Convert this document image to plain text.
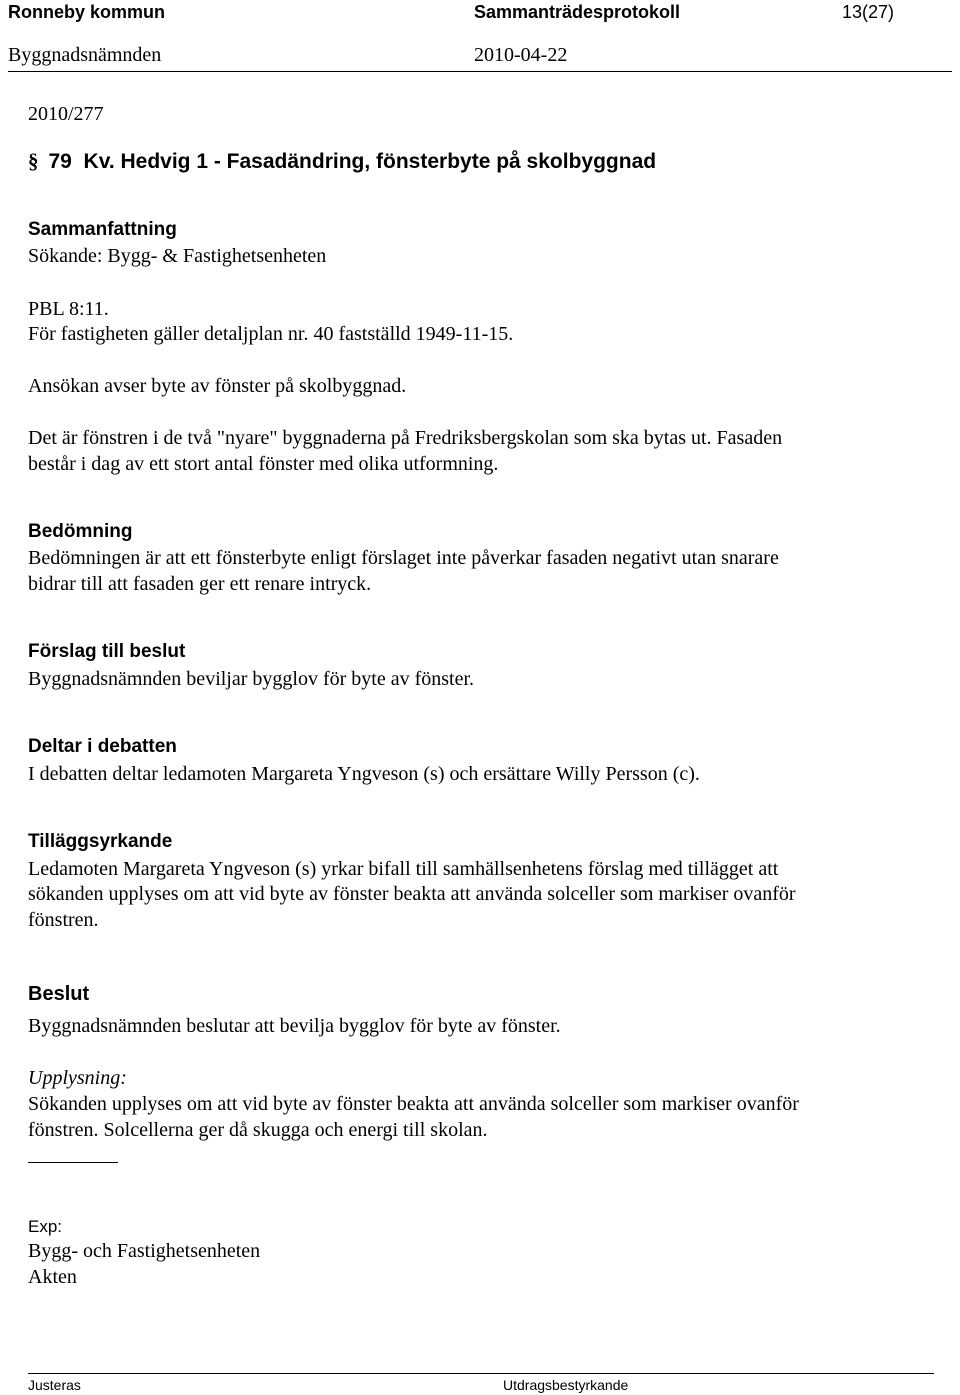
Ronneby kommun	Sammanträdesprotokoll	13(27)
Byggnadsnämnden	2010-04-22
2010/277
§ 79 Kv. Hedvig 1 - Fasadändring, fönsterbyte på skolbyggnad
Sammanfattning
Sökande: Bygg- & Fastighetsenheten
PBL 8:11.
För fastigheten gäller detaljplan nr. 40 fastställd 1949-11-15.
Ansökan avser byte av fönster på skolbyggnad.
Det är fönstren i de två "nyare" byggnaderna på Fredriksbergskolan som ska bytas ut. Fasaden
består i dag av ett stort antal fönster med olika utformning.
Bedömning
Bedömningen är att ett fönsterbyte enligt förslaget inte påverkar fasaden negativt utan snarare
bidrar till att fasaden ger ett renare intryck.
Förslag till beslut
Byggnadsnämnden beviljar bygglov för byte av fönster.
Deltar i debatten
I debatten deltar ledamoten Margareta Yngveson (s) och ersättare Willy Persson (c).
Tilläggsyrkande
Ledamoten Margareta Yngveson (s) yrkar bifall till samhällsenhetens förslag med tillägget att
sökanden upplyses om att vid byte av fönster beakta att använda solceller som markiser ovanför
fönstren.
Beslut
Byggnadsnämnden beslutar att bevilja bygglov för byte av fönster.
Upplysning:
Sökanden upplyses om att vid byte av fönster beakta att använda solceller som markiser ovanför
fönstren. Solcellerna ger då skugga och energi till skolan.
Exp:
Bygg- och Fastighetsenheten
Akten
Justeras	Utdragsbestyrkande
